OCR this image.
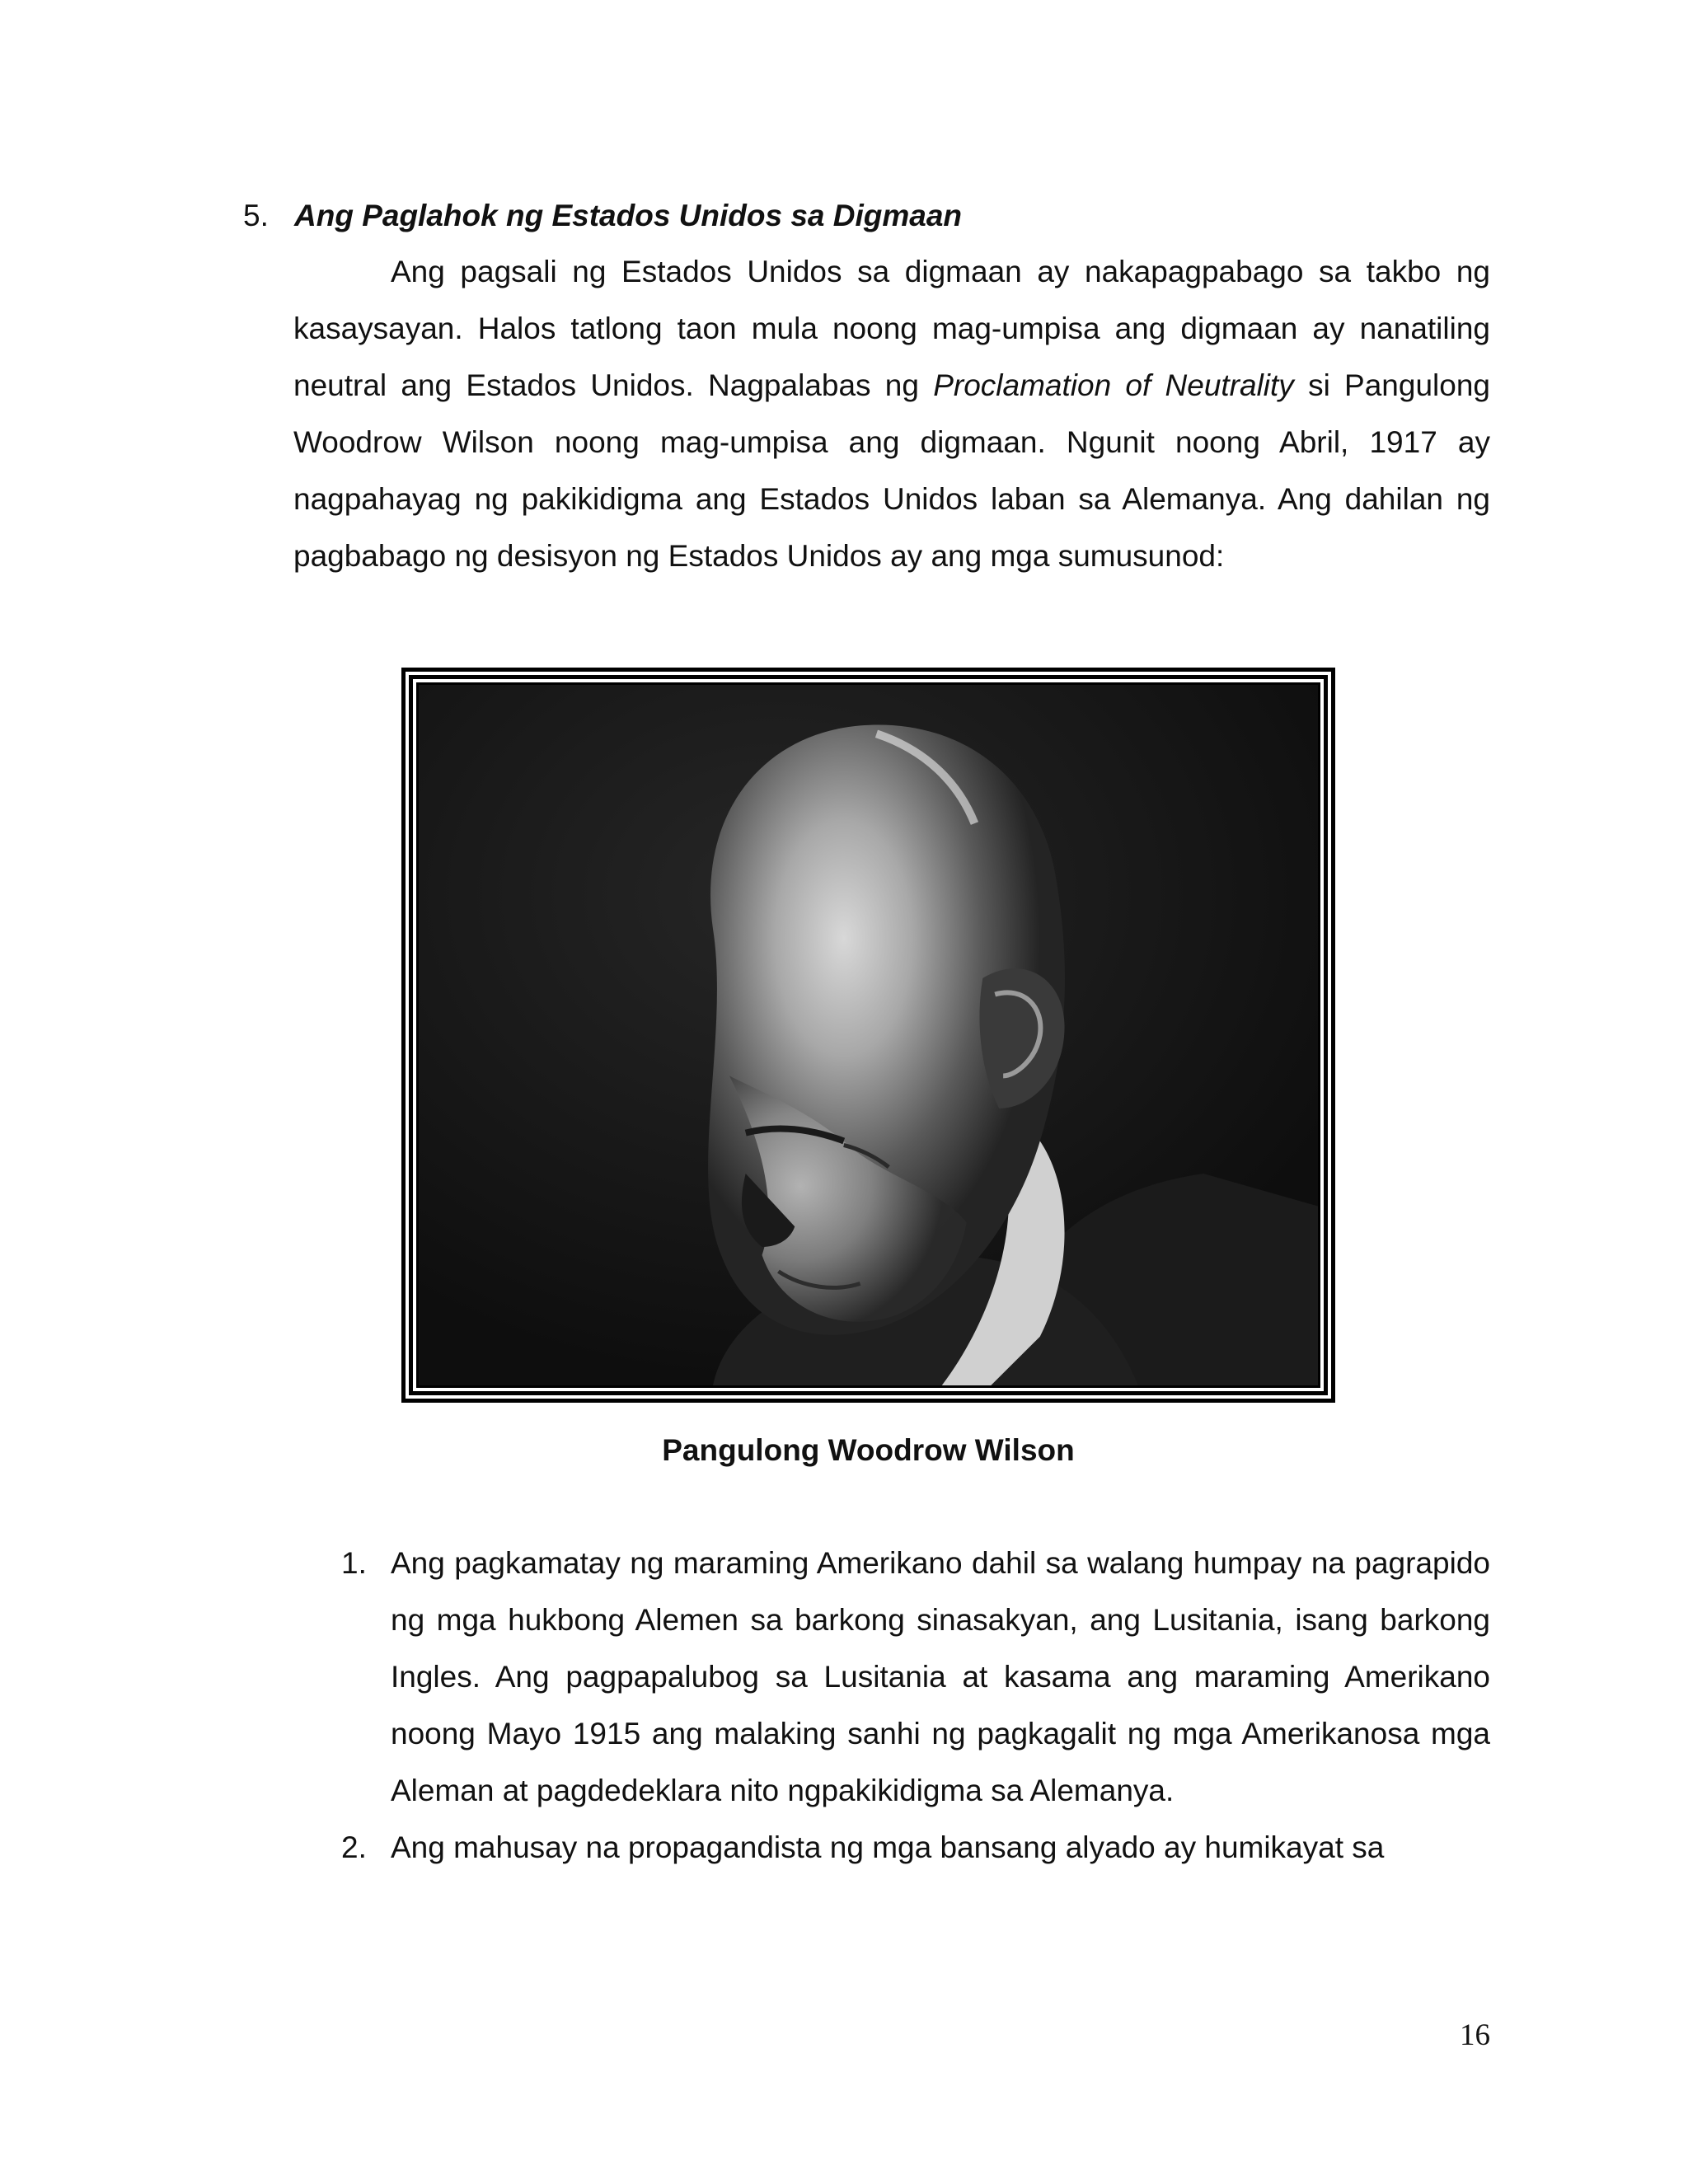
5. Ang Paglahok ng Estados Unidos sa Digmaan

Ang pagsali ng Estados Unidos sa digmaan ay nakapagpabago sa takbo ng kasaysayan. Halos tatlong taon mula noong mag-umpisa ang digmaan ay nanatiling neutral ang Estados Unidos. Nagpalabas ng Proclamation of Neutrality si Pangulong Woodrow Wilson noong mag-umpisa ang digmaan. Ngunit noong Abril, 1917 ay nagpahayag ng pakikidigma ang Estados Unidos laban sa Alemanya. Ang dahilan ng pagbabago ng desisyon ng Estados Unidos ay ang mga sumusunod:

Pangulong Woodrow Wilson
1. Ang pagkamatay ng maraming Amerikano dahil sa walang humpay na pagrapido ng mga hukbong Alemen sa barkong sinasakyan, ang Lusitania, isang barkong Ingles. Ang pagpapalubog sa Lusitania at kasama ang maraming Amerikano noong Mayo 1915 ang malaking sanhi ng pagkagalit ng mga Amerikanosa mga Aleman at pagdedeklara nito ngpakikidigma sa Alemanya.
2. Ang mahusay na propagandista ng mga bansang alyado ay humikayat sa
16
